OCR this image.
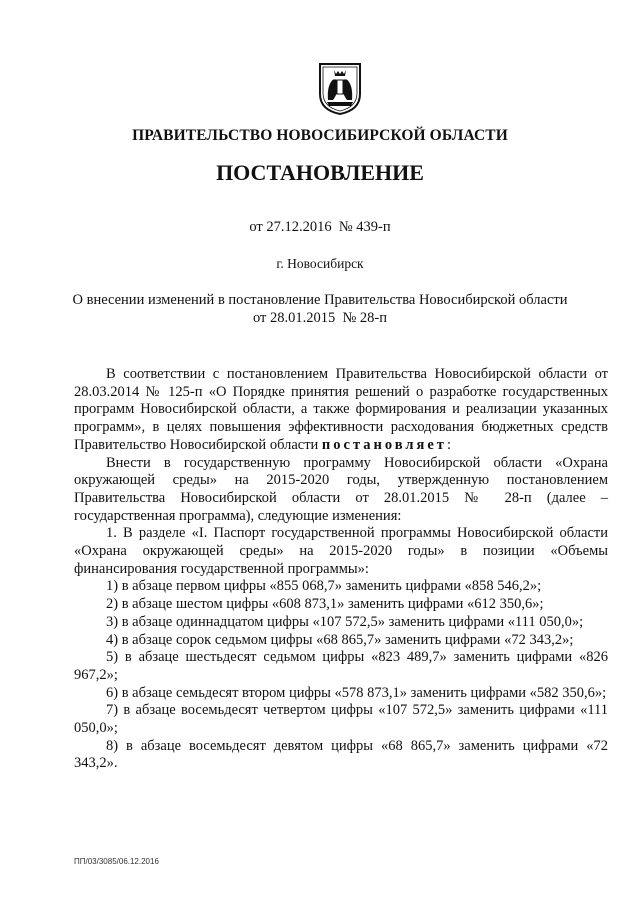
ПРАВИТЕЛЬСТВО НОВОСИБИРСКОЙ ОБЛАСТИ
ПОСТАНОВЛЕНИЕ
от 27.12.2016  № 439-п
г. Новосибирск
О внесении изменений в постановление Правительства Новосибирской области
от 28.01.2015  № 28-п

В соответствии с постановлением Правительства Новосибирской области от 28.03.2014 № 125-п «О Порядке принятия решений о разработке государственных программ Новосибирской области, а также формирования и реализации указанных программ», в целях повышения эффективности расходования бюджетных средств Правительство Новосибирской области постановляет:

Внести в государственную программу Новосибирской области «Охрана окружающей среды» на 2015-2020 годы, утвержденную постановлением Правительства Новосибирской области от 28.01.2015 № 28-п (далее – государственная программа), следующие изменения:

1. В разделе «I. Паспорт государственной программы Новосибирской области «Охрана окружающей среды» на 2015-2020 годы» в позиции «Объемы финансирования государственной программы»:

1) в абзаце первом цифры «855 068,7» заменить цифрами «858 546,2»;

2) в абзаце шестом цифры «608 873,1» заменить цифрами «612 350,6»;

3) в абзаце одиннадцатом цифры «107 572,5» заменить цифрами «111 050,0»;

4) в абзаце сорок седьмом цифры «68 865,7» заменить цифрами «72 343,2»;

5) в абзаце шестьдесят седьмом цифры «823 489,7» заменить цифрами «826 967,2»;

6) в абзаце семьдесят втором цифры «578 873,1» заменить цифрами «582 350,6»;

7) в абзаце восемьдесят четвертом цифры «107 572,5» заменить цифрами «111 050,0»;

8) в абзаце восемьдесят девятом цифры «68 865,7» заменить цифрами «72 343,2».

ПП/03/3085/06.12.2016
